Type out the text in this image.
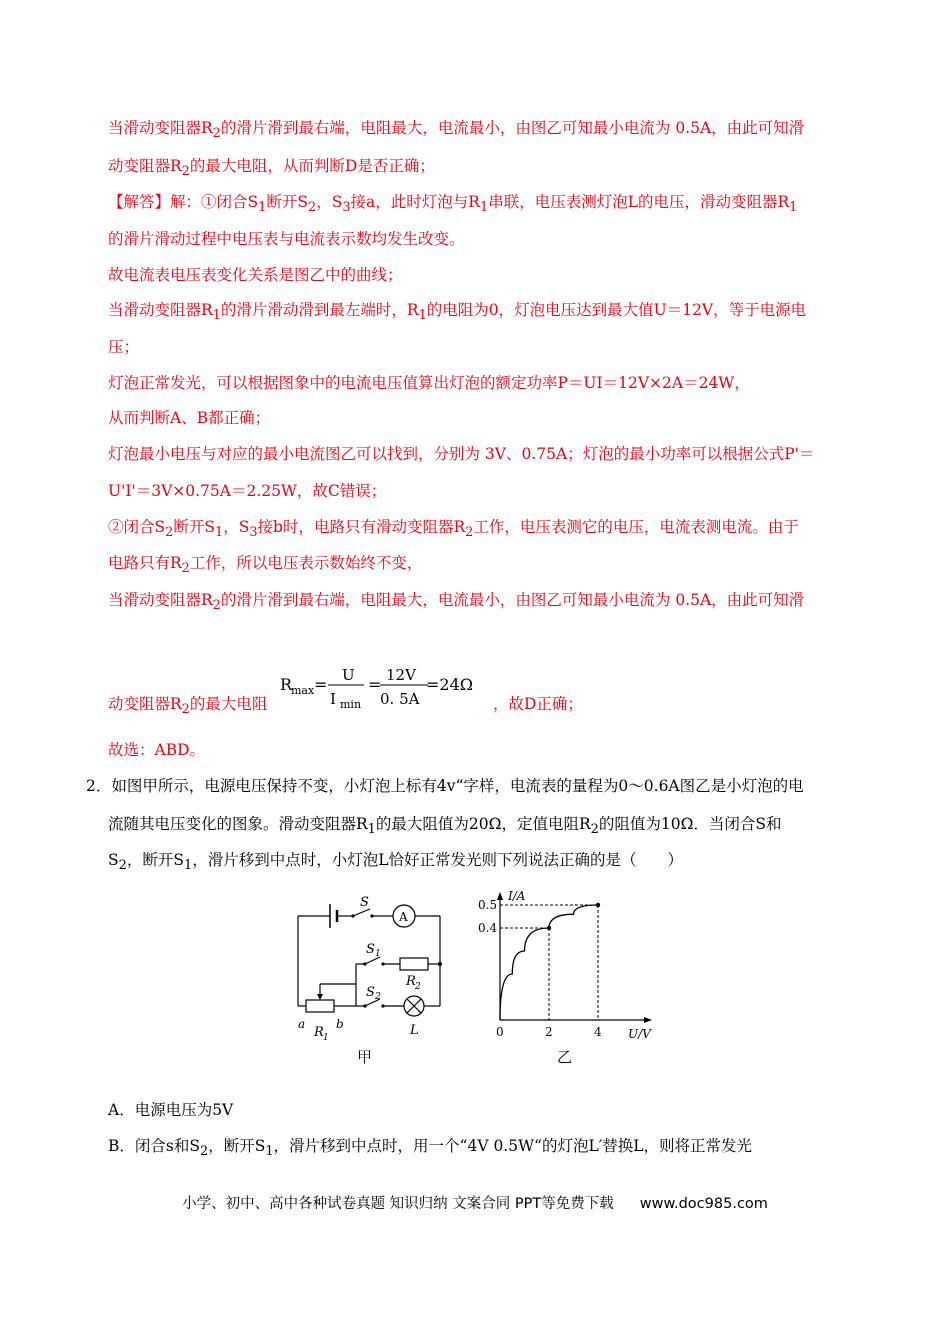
当滑动变阻器$R_2$的滑片滑到最右端，电阻最大，电流最小，由图乙可知最小电流为 0.5A，由此可知滑
动变阻器$R_2$的最大电阻，从而判断D是否正确；
【解答】解：①闭合$S_1$断开$S_2$，$S_3$接a，此时灯泡与$R_1$串联，电压表测灯泡L的电压，滑动变阻器$R_1$
的滑片滑动过程中电压表与电流表示数均发生改变。
故电流表电压表变化关系是图乙中的曲线；
当滑动变阻器$R_1$的滑片滑动滑到最左端时，$R_1$的电阻为0，灯泡电压达到最大值U＝12V，等于电源电
压；
灯泡正常发光，可以根据图象中的电流电压值算出灯泡的额定功率P＝UI＝12V×2A＝24W，
从而判断A、B都正确；
灯泡最小电压与对应的最小电流图乙可以找到，分别为 3V、0.75A；灯泡的最小功率可以根据公式P'＝
U'I'＝3V×0.75A＝2.25W，故C错误；
②闭合$S_2$断开$S_1$，$S_3$接b时，电路只有滑动变阻器$R_2$工作，电压表测它的电压，电流表测电流。由于
电路只有$R_2$工作，所以电压表示数始终不变，
当滑动变阻器$R_2$的滑片滑到最右端，电阻最大，电流最小，由图乙可知最小电流为 0.5A，由此可知滑
动变阻器$R_2$的最大电阻	，故D正确；
R
max = U
I min
= 12V
0. 5A
=24Ω
故选：ABD。
2．如图甲所示，电源电压保持不变，小灯泡上标有4v“字样，电流表的量程为0～0.6A图乙是小灯泡的电
流随其电压变化的图象。滑动变阻器$R_1$的最大阻值为20Ω，定值电阻$R_2$的阻值为10Ω．当闭合S和
$S_2$，断开$S_1$，滑片移到中点时，小灯泡L恰好正常发光则下列说法正确的是（　　）
S
A
a	b
R 1
S 1
R 2
S 2
L
甲
I/A
U/V
0.4
0.5
0	2	4
乙
A．电源电压为5V
B．闭合s和$S_2$，断开$S_1$，滑片移到中点时，用一个“4V 0.5W“的灯泡L′替换L，则将正常发光
小学、初中、高中各种试卷真题 知识归纳 文案合同 PPT等免费下载 www.doc985.com
